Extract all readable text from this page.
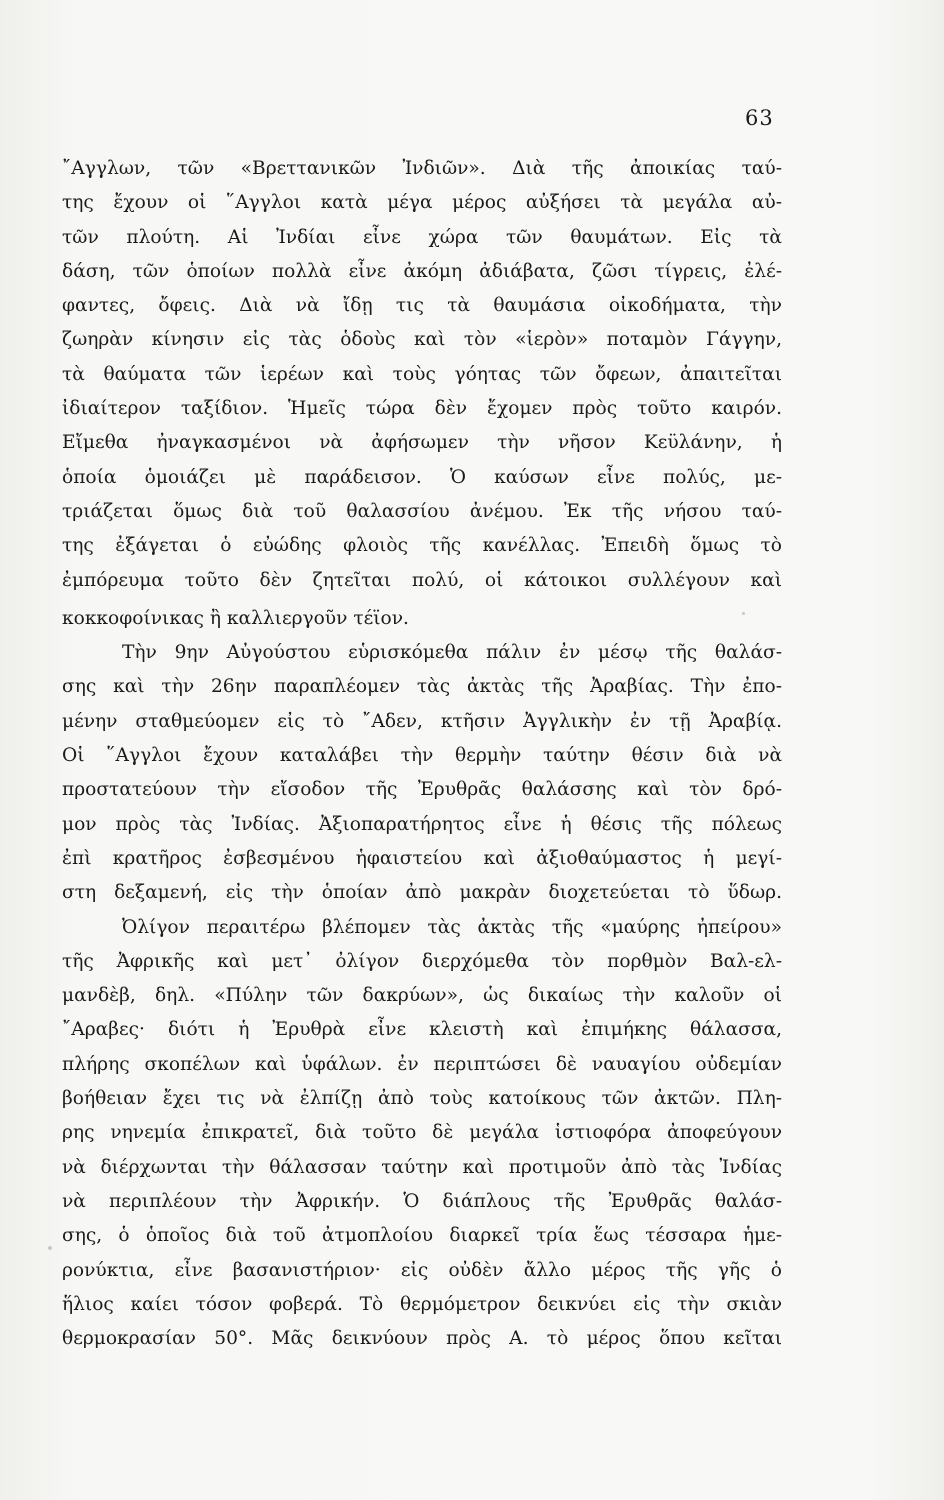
63
῎Αγγλων, τῶν «Βρεττανικῶν Ἰνδιῶν». Διὰ τῆς ἀποικίας ταύ-
της ἔχουν οἱ ῞Αγγλοι κατὰ μέγα μέρος αὐξήσει τὰ μεγάλα αὐ-
τῶν πλούτη. Αἱ Ἰνδίαι εἶνε χώρα τῶν θαυμάτων. Εἰς τὰ
δάση, τῶν ὁποίων πολλὰ εἶνε ἀκόμη ἀδιάβατα, ζῶσι τίγρεις, ἐλέ-
φαντες, ὄφεις. Διὰ νὰ ἴδῃ τις τὰ θαυμάσια οἰκοδήματα, τὴν
ζωηρὰν κίνησιν εἰς τὰς ὁδοὺς καὶ τὸν «ἱερὸν» ποταμὸν Γάγγην,
τὰ θαύματα τῶν ἱερέων καὶ τοὺς γόητας τῶν ὄφεων, ἀπαιτεῖται
ἰδιαίτερον ταξίδιον. Ἡμεῖς τώρα δὲν ἔχομεν πρὸς τοῦτο καιρόν.
Εἴμεθα ἠναγκασμένοι νὰ ἀφήσωμεν τὴν νῆσον Κεϋλάνην, ἡ
ὁποία ὁμοιάζει μὲ παράδεισον. Ὁ καύσων εἶνε πολύς, με-
τριάζεται ὅμως διὰ τοῦ θαλασσίου ἀνέμου. Ἐκ τῆς νήσου ταύ-
της ἐξάγεται ὁ εὐώδης φλοιὸς τῆς κανέλλας. Ἐπειδὴ ὅμως τὸ
ἐμπόρευμα τοῦτο δὲν ζητεῖται πολύ, οἱ κάτοικοι συλλέγουν καὶ
κοκκοφοίνικας ἢ καλλιεργοῦν τέϊον.
Τὴν 9ην Αὐγούστου εὑρισκόμεθα πάλιν ἐν μέσῳ τῆς θαλάσ-
σης καὶ τὴν 26ην παραπλέομεν τὰς ἀκτὰς τῆς Ἀραβίας. Τὴν ἐπο-
μένην σταθμεύομεν εἰς τὸ ῎Αδεν, κτῆσιν Ἀγγλικὴν ἐν τῇ Ἀραβίᾳ.
Οἱ ῞Αγγλοι ἔχουν καταλάβει τὴν θερμὴν ταύτην θέσιν διὰ νὰ
προστατεύουν τὴν εἴσοδον τῆς Ἐρυθρᾶς θαλάσσης καὶ τὸν δρό-
μον πρὸς τὰς Ἰνδίας. Ἀξιοπαρατήρητος εἶνε ἡ θέσις τῆς πόλεως
ἐπὶ κρατῆρος ἐσβεσμένου ἡφαιστείου καὶ ἀξιοθαύμαστος ἡ μεγί-
στη δεξαμενή, εἰς τὴν ὁποίαν ἀπὸ μακρὰν διοχετεύεται τὸ ὕδωρ.
Ὀλίγον περαιτέρω βλέπομεν τὰς ἀκτὰς τῆς «μαύρης ἠπείρου»
τῆς Ἀφρικῆς καὶ μετ᾽ ὀλίγον διερχόμεθα τὸν πορθμὸν Βαλ-ελ-
μανδὲβ, δηλ. «Πύλην τῶν δακρύων», ὡς δικαίως τὴν καλοῦν οἱ
῎Αραβες· διότι ἡ Ἐρυθρὰ εἶνε κλειστὴ καὶ ἐπιμήκης θάλασσα,
πλήρης σκοπέλων καὶ ὑφάλων. ἐν περιπτώσει δὲ ναυαγίου οὐδεμίαν
βοήθειαν ἔχει τις νὰ ἐλπίζῃ ἀπὸ τοὺς κατοίκους τῶν ἀκτῶν. Πλη-
ρης νηνεμία ἐπικρατεῖ, διὰ τοῦτο δὲ μεγάλα ἱστιοφόρα ἀποφεύγουν
νὰ διέρχωνται τὴν θάλασσαν ταύτην καὶ προτιμοῦν ἀπὸ τὰς Ἰνδίας
νὰ περιπλέουν τὴν Ἀφρικήν. Ὁ διάπλους τῆς Ἐρυθρᾶς θαλάσ-
σης, ὁ ὁποῖος διὰ τοῦ ἀτμοπλοίου διαρκεῖ τρία ἕως τέσσαρα ἡμε-
ρονύκτια, εἶνε βασανιστήριον· εἰς οὐδὲν ἄλλο μέρος τῆς γῆς ὁ
ἥλιος καίει τόσον φοβερά. Τὸ θερμόμετρον δεικνύει εἰς τὴν σκιὰν
θερμοκρασίαν 50°. Μᾶς δεικνύουν πρὸς Α. τὸ μέρος ὅπου κεῖται
